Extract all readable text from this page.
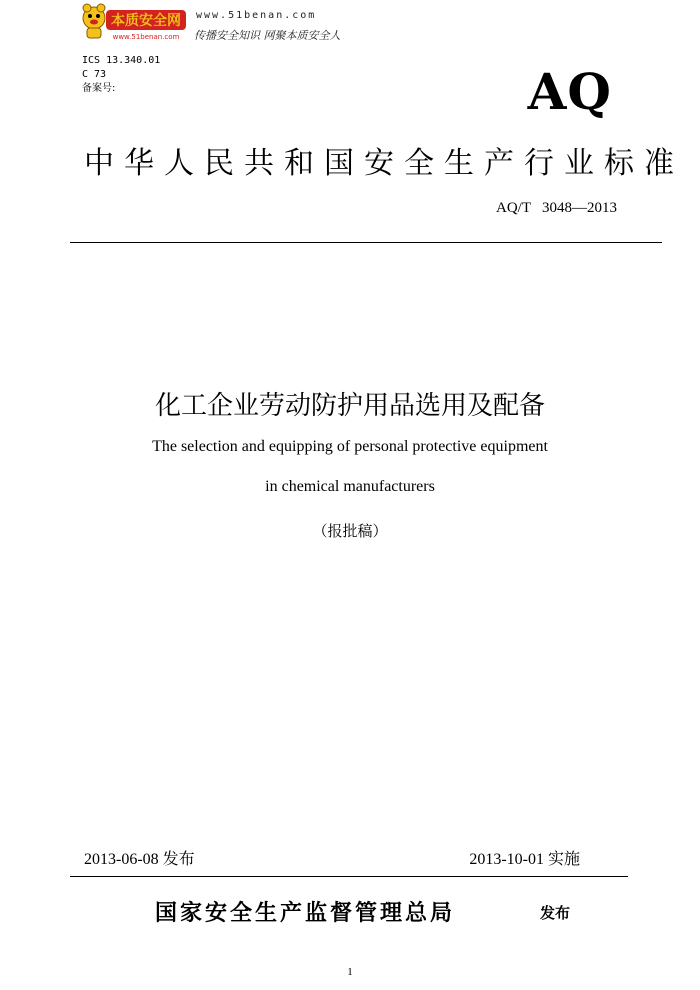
本质安全网
www.51benan.com
www.51benan.com
传播安全知识 网聚本质安全人
ICS 13.340.01
C 73
备案号:	AQ
中华人民共和国安全生产行业标准
AQ/T   3048—2013
化工企业劳动防护用品选用及配备
The selection and equipping of personal protective equipment
in chemical manufacturers
（报批稿）
2013-06-08 发布	2013-10-01 实施
国家安全生产监督管理总局	发布
1
